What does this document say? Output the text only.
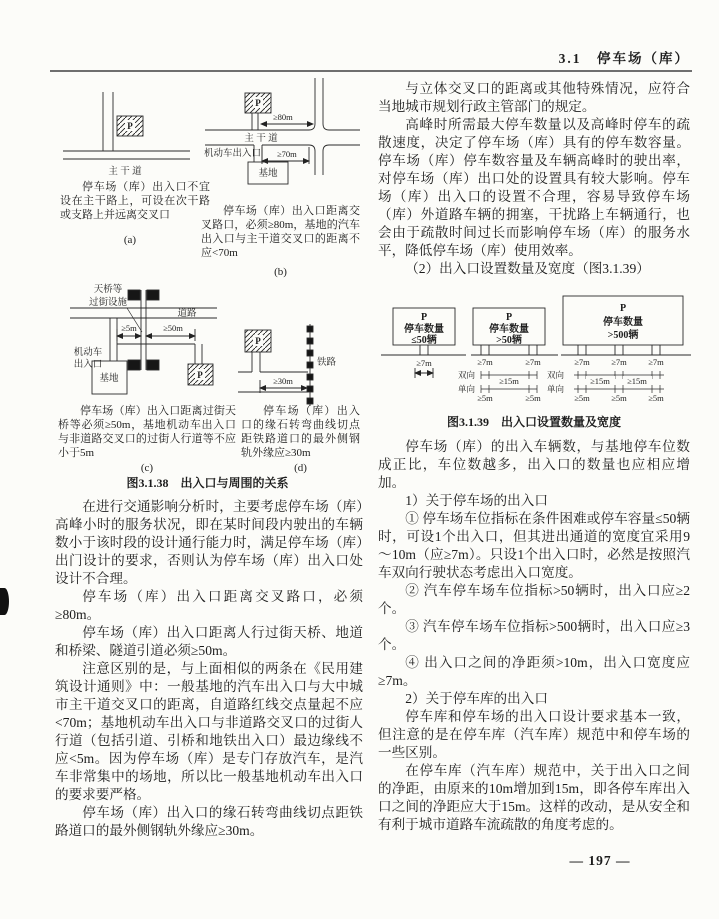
3.1　停车场（库）
P
主 干 道
P
≥80m
主 干 道
机动车出入口 ≥70m
基地
天桥等
过街设施
道路
≥5m	≥50m
机动车
出入口
基地	P
P
铁路
≥30m
停车场（库）出入口不宜设在主干路上，可设在次干路或支路上并远离交叉口
(a)
停车场（库）出入口距离交叉路口，必须≥80m，基地的汽车出入口与主干道交叉口的距离不应<70m
(b)
停车场（库）出入口距离过街天桥等必须≥50m，基地机动车出入口与非道路交叉口的过街人行道等不应小于5m
(c)
停车场（库）出入口的缘石转弯曲线切点距铁路道口的最外侧钢轨外缘应≥30m
(d)
图3.1.38　出入口与周围的关系

在进行交通影响分析时，主要考虑停车场（库）高峰小时的服务状况，即在某时间段内驶出的车辆数小于该时段的设计通行能力时，满足停车场（库）出门设计的要求，否则认为停车场（库）出入口处设计不合理。

停车场（库）出入口距离交叉路口，必须≥80m。

停车场（库）出入口距离人行过街天桥、地道和桥梁、隧道引道必须≥50m。

注意区别的是，与上面相似的两条在《民用建筑设计通则》中：一般基地的汽车出入口与大中城市主干道交叉口的距离，自道路红线交点量起不应<70m；基地机动车出入口与非道路交叉口的过街人行道（包括引道、引桥和地铁出入口）最边缘线不应<5m。因为停车场（库）是专门存放汽车，是汽车非常集中的场地，所以比一般基地机动车出入口的要求要严格。

停车场（库）出入口的缘石转弯曲线切点距铁路道口的最外侧钢轨外缘应≥30m。

与立体交叉口的距离或其他特殊情况，应符合当地城市规划行政主管部门的规定。

高峰时所需最大停车数量以及高峰时停车的疏散速度，决定了停车场（库）具有的停车数容量。停车场（库）停车数容量及车辆高峰时的驶出率，对停车场（库）出口处的设置具有较大影响。停车场（库）出入口的设置不合理，容易导致停车场（库）外道路车辆的拥塞，干扰路上车辆通行，也会由于疏散时间过长而影响停车场（库）的服务水平，降低停车场（库）使用效率。

（2）出入口设置数量及宽度（图3.1.39）

P
停车数量
≤50辆
≥7m
P
停车数量
>50辆
≥7m	≥7m
双向
单向
≥15m
≥5m	≥5m
P
停车数量
>500辆
≥7m	≥7m	≥7m
双向
单向
≥15m ≥15m
≥5m	≥5m	≥5m
图3.1.39　出入口设置数量及宽度

停车场（库）的出入车辆数，与基地停车位数成正比，车位数越多，出入口的数量也应相应增加。

1）关于停车场的出入口

① 停车场车位指标在条件困难或停车容量≤50辆时，可设1个出入口，但其进出通道的宽度宜采用9～10m（应≥7m）。只设1个出入口时，必然是按照汽车双向行驶状态考虑出入口宽度。

② 汽车停车场车位指标>50辆时，出入口应≥2个。

③ 汽车停车场车位指标>500辆时，出入口应≥3个。

④ 出入口之间的净距须>10m，出入口宽度应≥7m。

2）关于停车库的出入口

停车库和停车场的出入口设计要求基本一致，但注意的是在停车库（汽车库）规范中和停车场的一些区别。

在停车库（汽车库）规范中，关于出入口之间的净距，由原来的10m增加到15m，即各停车库出入口之间的净距应大于15m。这样的改动，是从安全和有利于城市道路车流疏散的角度考虑的。

— 197 —
